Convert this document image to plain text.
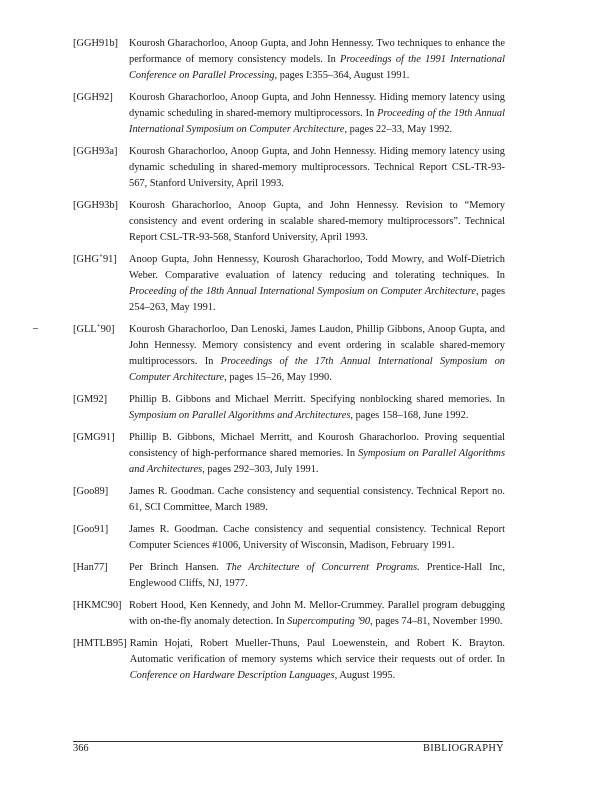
[GGH91b]	Kourosh Gharachorloo, Anoop Gupta, and John Hennessy. Two techniques to enhance the performance of memory consistency models. In Proceedings of the 1991 International Conference on Parallel Processing, pages I:355–364, August 1991.
[GGH92]	Kourosh Gharachorloo, Anoop Gupta, and John Hennessy. Hiding memory latency using dynamic scheduling in shared-memory multiprocessors. In Proceeding of the 19th Annual International Symposium on Computer Architecture, pages 22–33, May 1992.
[GGH93a]	Kourosh Gharachorloo, Anoop Gupta, and John Hennessy. Hiding memory latency using dynamic scheduling in shared-memory multiprocessors. Technical Report CSL-TR-93-567, Stanford University, April 1993.
[GGH93b]	Kourosh Gharachorloo, Anoop Gupta, and John Hennessy. Revision to “Memory consistency and event ordering in scalable shared-memory multiprocessors”. Technical Report CSL-TR-93-568, Stanford University, April 1993.
[GHG+91]	Anoop Gupta, John Hennessy, Kourosh Gharachorloo, Todd Mowry, and Wolf-Dietrich Weber. Comparative evaluation of latency reducing and tolerating techniques. In Proceeding of the 18th Annual International Symposium on Computer Architecture, pages 254–263, May 1991.
[GLL+90]	Kourosh Gharachorloo, Dan Lenoski, James Laudon, Phillip Gibbons, Anoop Gupta, and John Hennessy. Memory consistency and event ordering in scalable shared-memory multiprocessors. In Proceedings of the 17th Annual International Symposium on Computer Architecture, pages 15–26, May 1990.
[GM92]	Phillip B. Gibbons and Michael Merritt. Specifying nonblocking shared memories. In Symposium on Parallel Algorithms and Architectures, pages 158–168, June 1992.
[GMG91]	Phillip B. Gibbons, Michael Merritt, and Kourosh Gharachorloo. Proving sequential consistency of high-performance shared memories. In Symposium on Parallel Algorithms and Architectures, pages 292–303, July 1991.
[Goo89]	James R. Goodman. Cache consistency and sequential consistency. Technical Report no. 61, SCI Committee, March 1989.
[Goo91]	James R. Goodman. Cache consistency and sequential consistency. Technical Report Computer Sciences #1006, University of Wisconsin, Madison, February 1991.
[Han77]	Per Brinch Hansen. The Architecture of Concurrent Programs. Prentice-Hall Inc, Englewood Cliffs, NJ, 1977.
[HKMC90] Robert Hood, Ken Kennedy, and John M. Mellor-Crummey. Parallel program debugging with on-the-fly anomaly detection. In Supercomputing '90, pages 74–81, November 1990.
[HMTLB95] Ramin Hojati, Robert Mueller-Thuns, Paul Loewenstein, and Robert K. Brayton. Automatic verification of memory systems which service their requests out of order. In Conference on Hardware Description Languages, August 1995.
366	BIBLIOGRAPHY
